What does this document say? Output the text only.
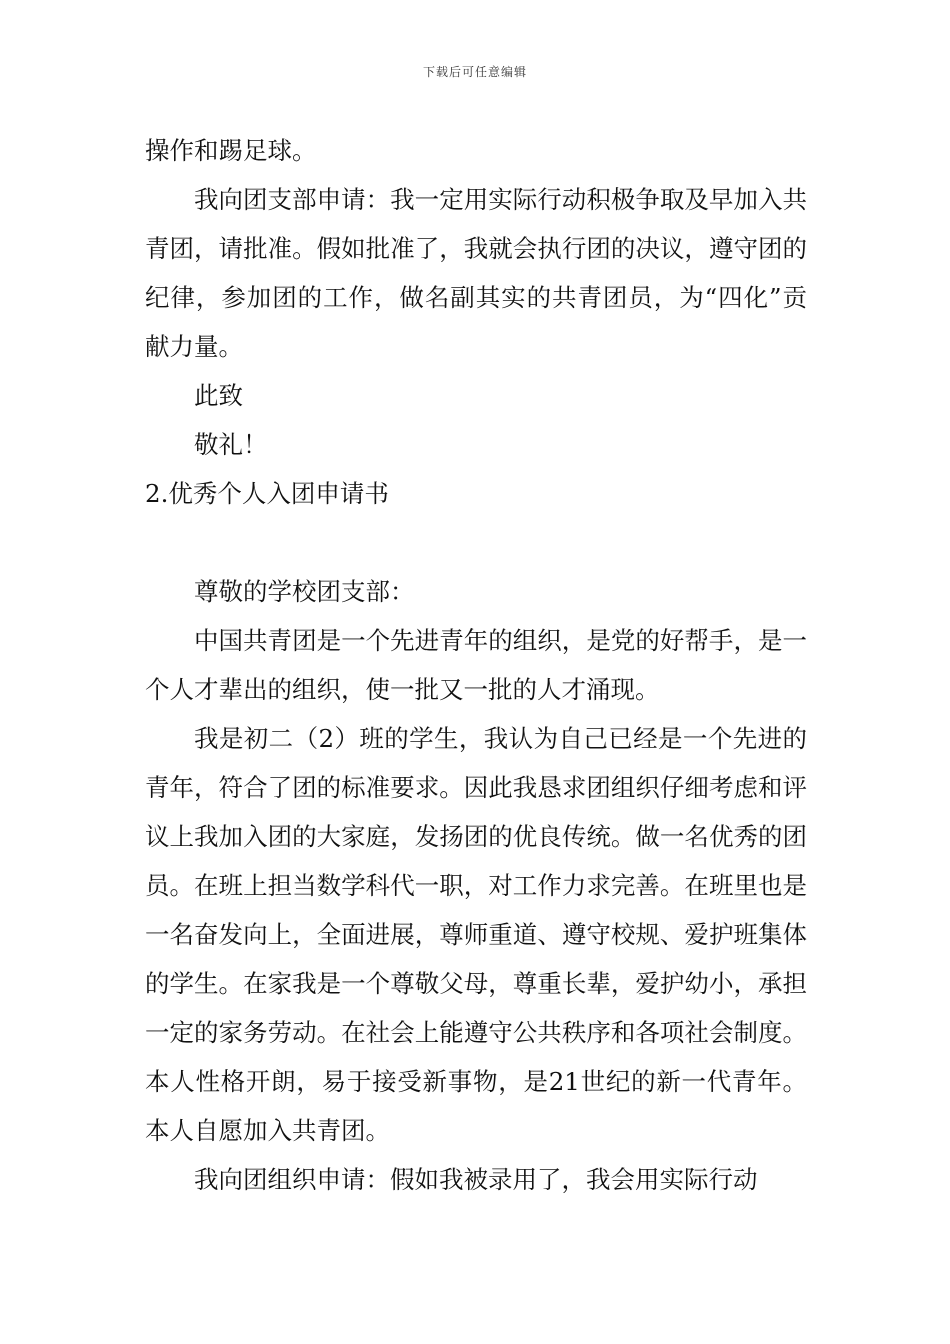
下载后可任意编辑

操作和踢足球。

我向团支部申请：我一定用实际行动积极争取及早加入共青团，请批准。假如批准了，我就会执行团的决议，遵守团的纪律，参加团的工作，做名副其实的共青团员，为“四化”贡献力量。

此致

敬礼！

2.优秀个人入团申请书

尊敬的学校团支部：

中国共青团是一个先进青年的组织，是党的好帮手，是一个人才辈出的组织，使一批又一批的人才涌现。

我是初二（2）班的学生，我认为自己已经是一个先进的青年，符合了团的标准要求。因此我恳求团组织仔细考虑和评议上我加入团的大家庭，发扬团的优良传统。做一名优秀的团员。在班上担当数学科代一职，对工作力求完善。在班里也是一名奋发向上，全面进展，尊师重道、遵守校规、爱护班集体的学生。在家我是一个尊敬父母，尊重长辈，爱护幼小，承担一定的家务劳动。在社会上能遵守公共秩序和各项社会制度。本人性格开朗，易于接受新事物，是21世纪的新一代青年。本人自愿加入共青团。

我向团组织申请：假如我被录用了，我会用实际行动
